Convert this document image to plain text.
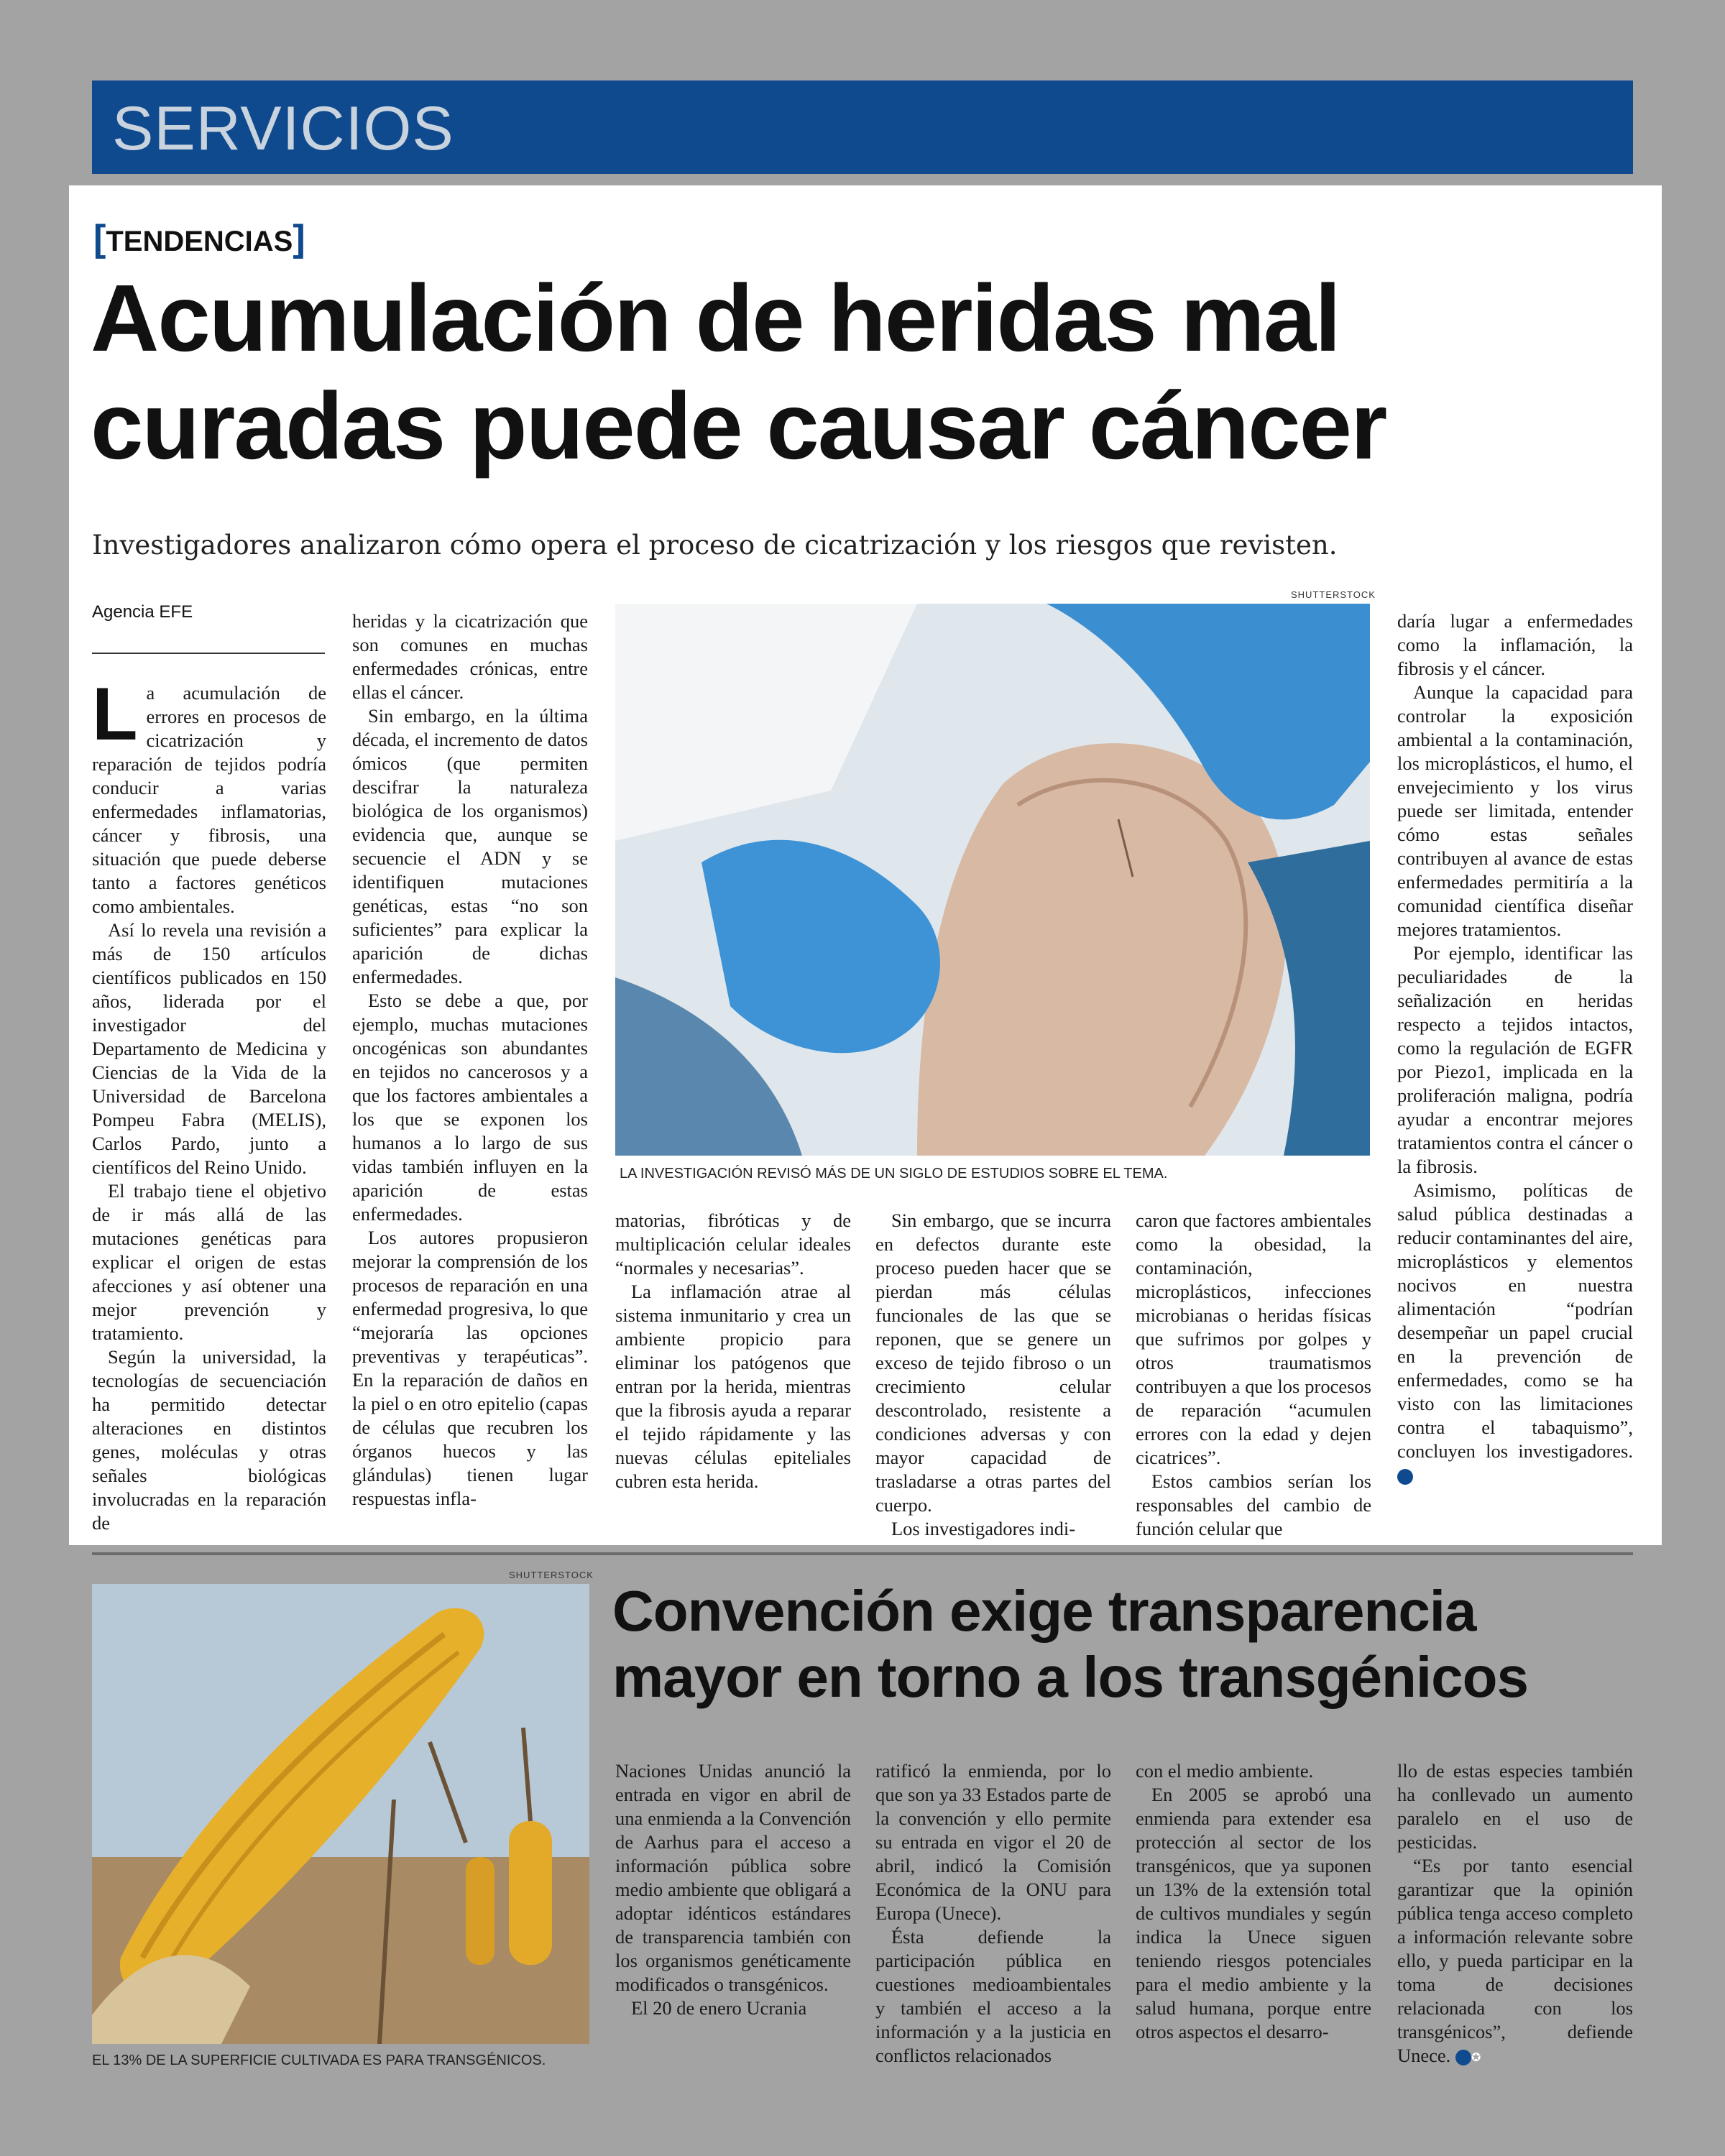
SERVICIOS
[TENDENCIAS]
Acumulación de heridas mal
curadas puede causar cáncer
Investigadores analizaron cómo opera el proceso de cicatrización y los riesgos que revisten.
Agencia EFE

La acumulación de errores en procesos de cicatrización y reparación de tejidos podría conducir a varias enfermedades inflamatorias, cáncer y fibrosis, una situación que puede deberse tanto a factores genéticos como ambientales.

Así lo revela una revisión a más de 150 artículos científicos publicados en 150 años, liderada por el investigador del Departamento de Medicina y Ciencias de la Vida de la Universidad de Barcelona Pompeu Fabra (MELIS), Carlos Pardo, junto a científicos del Reino Unido.

El trabajo tiene el objetivo de ir más allá de las mutaciones genéticas para explicar el origen de estas afecciones y así obtener una mejor prevención y tratamiento.

Según la universidad, la tecnologías de secuenciación ha permitido detectar alteraciones en distintos genes, moléculas y otras señales biológicas involucradas en la reparación de

heridas y la cicatrización que son comunes en muchas enfermedades crónicas, entre ellas el cáncer.

Sin embargo, en la última década, el incremento de datos ómicos (que permiten descifrar la naturaleza biológica de los organismos) evidencia que, aunque se secuencie el ADN y se identifiquen mutaciones genéticas, estas “no son suficientes” para explicar la aparición de dichas enfermedades.

Esto se debe a que, por ejemplo, muchas mutaciones oncogénicas son abundantes en tejidos no cancerosos y a que los factores ambientales a los que se exponen los humanos a lo largo de sus vidas también influyen en la aparición de estas enfermedades.

Los autores propusieron mejorar la comprensión de los procesos de reparación en una enfermedad progresiva, lo que “mejoraría las opciones preventivas y terapéuticas”. En la reparación de daños en la piel o en otro epitelio (capas de células que recubren los órganos huecos y las glándulas) tienen lugar respuestas infla-

SHUTTERSTOCK
LA INVESTIGACIÓN REVISÓ MÁS DE UN SIGLO DE ESTUDIOS SOBRE EL TEMA.

matorias, fibróticas y de multiplicación celular ideales “normales y necesarias”.

La inflamación atrae al sistema inmunitario y crea un ambiente propicio para eliminar los patógenos que entran por la herida, mientras que la fibrosis ayuda a reparar el tejido rápidamente y las nuevas células epiteliales cubren esta herida.

Sin embargo, que se incurra en defectos durante este proceso pueden hacer que se pierdan más células funcionales de las que se reponen, que se genere un exceso de tejido fibroso o un crecimiento celular descontrolado, resistente a condiciones adversas y con mayor capacidad de trasladarse a otras partes del cuerpo.

Los investigadores indi-

caron que factores ambientales como la obesidad, la contaminación, microplásticos, infecciones microbianas o heridas físicas que sufrimos por golpes y otros traumatismos contribuyen a que los procesos de reparación “acumulen errores con la edad y dejen cicatrices”.

Estos cambios serían los responsables del cambio de función celular que

daría lugar a enfermedades como la inflamación, la fibrosis y el cáncer.

Aunque la capacidad para controlar la exposición ambiental a la contaminación, los microplásticos, el humo, el envejecimiento y los virus puede ser limitada, entender cómo estas señales contribuyen al avance de estas enfermedades permitiría a la comunidad científica diseñar mejores tratamientos.

Por ejemplo, identificar las peculiaridades de la señalización en heridas respecto a tejidos intactos, como la regulación de EGFR por Piezo1, implicada en la proliferación maligna, podría ayudar a encontrar mejores tratamientos contra el cáncer o la fibrosis.

Asimismo, políticas de salud pública destinadas a reducir contaminantes del aire, microplásticos y elementos nocivos en nuestra alimentación “podrían desempeñar un papel crucial en la prevención de enfermedades, como se ha visto con las limitaciones contra el tabaquismo”, concluyen los investigadores. ✪

SHUTTERSTOCK
EL 13% DE LA SUPERFICIE CULTIVADA ES PARA TRANSGÉNICOS.
Convención exige transparencia
mayor en torno a los transgénicos

Naciones Unidas anunció la entrada en vigor en abril de una enmienda a la Convención de Aarhus para el acceso a información pública sobre medio ambiente que obligará a adoptar idénticos estándares de transparencia también con los organismos genéticamente modificados o transgénicos.

El 20 de enero Ucrania

ratificó la enmienda, por lo que son ya 33 Estados parte de la convención y ello permite su entrada en vigor el 20 de abril, indicó la Comisión Económica de la ONU para Europa (Unece).

Ésta defiende la participación pública en cuestiones medioambientales y también el acceso a la información y a la justicia en conflictos relacionados

con el medio ambiente.

En 2005 se aprobó una enmienda para extender esa protección al sector de los transgénicos, que ya suponen un 13% de la extensión total de cultivos mundiales y según indica la Unece siguen teniendo riesgos potenciales para el medio ambiente y la salud humana, porque entre otros aspectos el desarro-

llo de estas especies también ha conllevado un aumento paralelo en el uso de pesticidas.

“Es por tanto esencial garantizar que la opinión pública tenga acceso completo a información relevante sobre ello, y pueda participar en la toma de decisiones relacionada con los transgénicos”, defiende Unece. ✪
